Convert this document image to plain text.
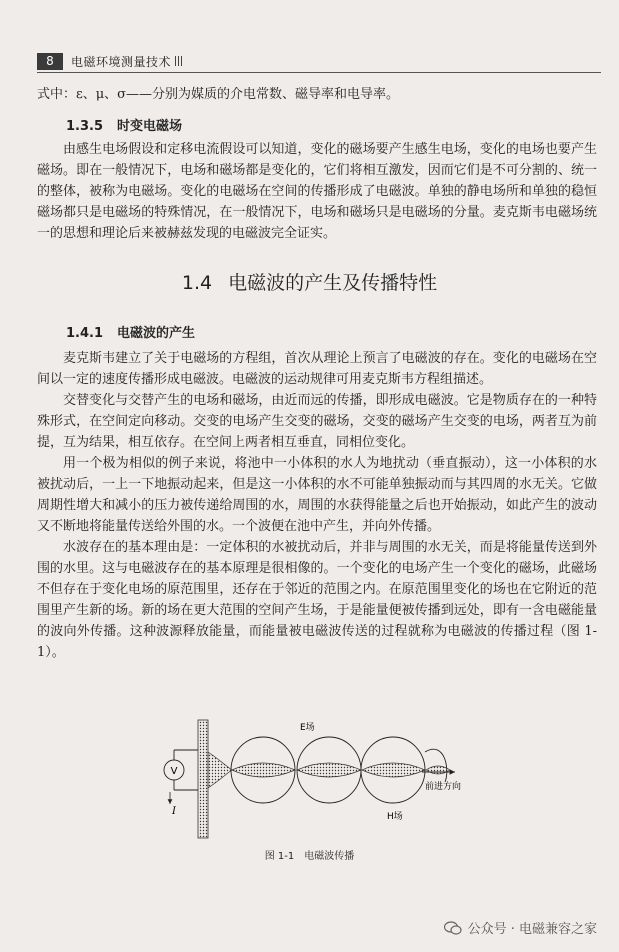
8	电磁环境测量技术
式中：ε、μ、σ——分别为媒质的介电常数、磁导率和电导率。
1.3.5 时变电磁场

由感生电场假设和定移电流假设可以知道，变化的磁场要产生感生电场，变化的电场也要产生磁场。即在一般情况下，电场和磁场都是变化的，它们将相互激发，因而它们是不可分割的、统一的整体，被称为电磁场。变化的电磁场在空间的传播形成了电磁波。单独的静电场所和单独的稳恒磁场都只是电磁场的特殊情况，在一般情况下，电场和磁场只是电磁场的分量。麦克斯韦电磁场统一的思想和理论后来被赫兹发现的电磁波完全证实。

1.4 电磁波的产生及传播特性
1.4.1 电磁波的产生

麦克斯韦建立了关于电磁场的方程组，首次从理论上预言了电磁波的存在。变化的电磁场在空间以一定的速度传播形成电磁波。电磁波的运动规律可用麦克斯韦方程组描述。

交替变化与交替产生的电场和磁场，由近而远的传播，即形成电磁波。它是物质存在的一种特殊形式，在空间定向移动。交变的电场产生交变的磁场，交变的磁场产生交变的电场，两者互为前提，互为结果，相互依存。在空间上两者相互垂直，同相位变化。

用一个极为相似的例子来说，将池中一小体积的水人为地扰动（垂直振动），这一小体积的水被扰动后，一上一下地振动起来，但是这一小体积的水不可能单独振动而与其四周的水无关。它做周期性增大和减小的压力被传递给周围的水，周围的水获得能量之后也开始振动，如此产生的波动又不断地将能量传送给外围的水。一个波便在池中产生，并向外传播。

水波存在的基本理由是：一定体积的水被扰动后，并非与周围的水无关，而是将能量传送到外围的水里。这与电磁波存在的基本原理是很相像的。一个变化的电场产生一个变化的磁场，此磁场不但存在于变化电场的原范围里，还存在于邻近的范围之内。在原范围里变化的场也在它附近的范围里产生新的场。新的场在更大范围的空间产生场，于是能量便被传播到远处，即有一含电磁能量的波向外传播。这种波源释放能量，而能量被电磁波传送的过程就称为电磁波的传播过程（图 1-1）。

V
I
E场
H场
前进方向
图 1-1 电磁波传播
公众号 · 电磁兼容之家
